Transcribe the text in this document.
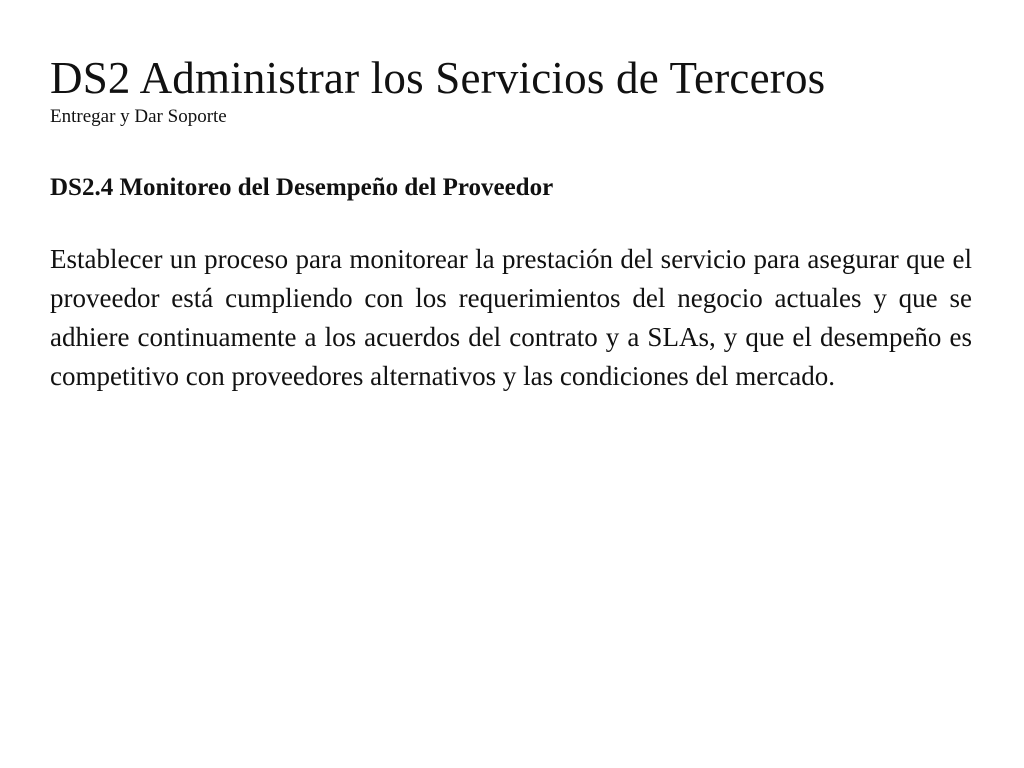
DS2 Administrar los Servicios de Terceros
Entregar y Dar Soporte
DS2.4 Monitoreo del Desempeño del Proveedor

Establecer un proceso para monitorear la prestación del servicio para asegurar que el proveedor está cumpliendo con los requerimientos del negocio actuales y que se adhiere continuamente a los acuerdos del contrato y a SLAs, y que el desempeño es competitivo con proveedores alternativos y las condiciones del mercado.
